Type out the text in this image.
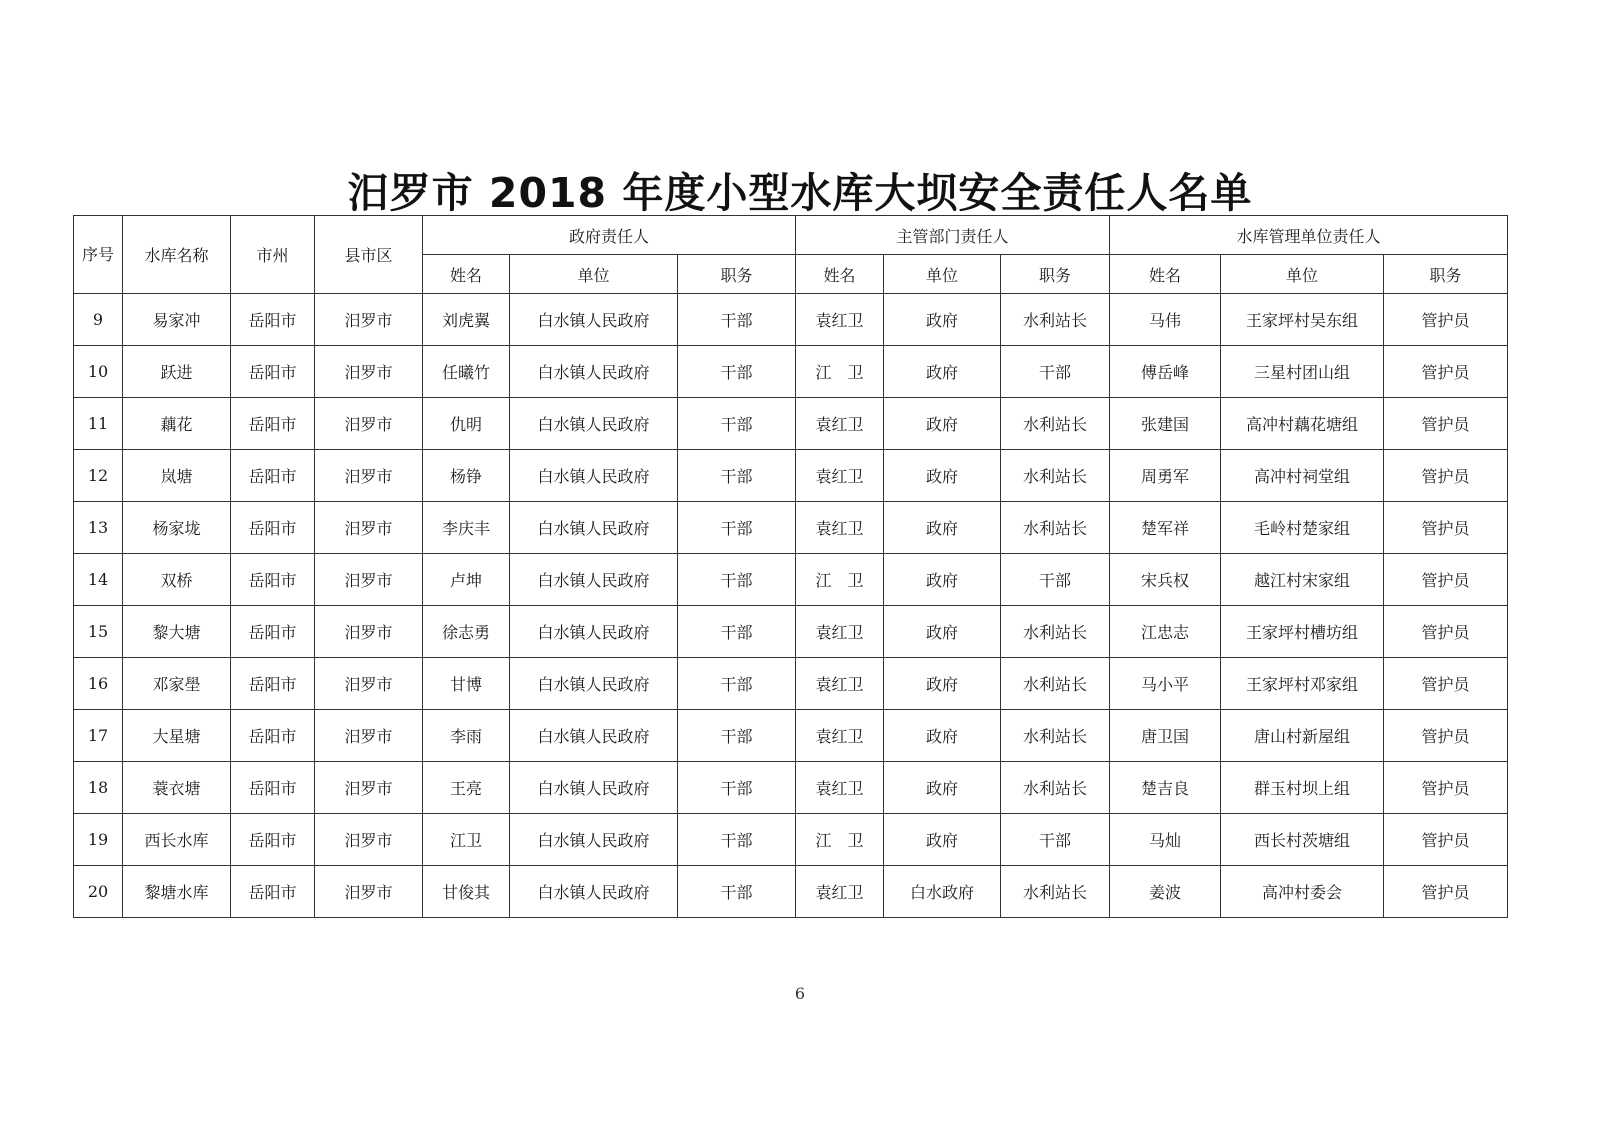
汨罗市 2018 年度小型水库大坝安全责任人名单
序号	水库名称	市州	县市区	政府责任人			主管部门责任人			水库管理单位责任人		
				姓名	单位	职务	姓名	单位	职务	姓名	单位	职务
9	易家冲	岳阳市	汨罗市	刘虎翼	白水镇人民政府	干部	袁红卫	政府	水利站长	马伟	王家坪村吴东组	管护员
10	跃进	岳阳市	汨罗市	任曦竹	白水镇人民政府	干部	江　卫	政府	干部	傅岳峰	三星村团山组	管护员
11	藕花	岳阳市	汨罗市	仇明	白水镇人民政府	干部	袁红卫	政府	水利站长	张建国	高冲村藕花塘组	管护员
12	岚塘	岳阳市	汨罗市	杨铮	白水镇人民政府	干部	袁红卫	政府	水利站长	周勇军	高冲村祠堂组	管护员
13	杨家垅	岳阳市	汨罗市	李庆丰	白水镇人民政府	干部	袁红卫	政府	水利站长	楚军祥	毛岭村楚家组	管护员
14	双桥	岳阳市	汨罗市	卢坤	白水镇人民政府	干部	江　卫	政府	干部	宋兵权	越江村宋家组	管护员
15	黎大塘	岳阳市	汨罗市	徐志勇	白水镇人民政府	干部	袁红卫	政府	水利站长	江忠志	王家坪村槽坊组	管护员
16	邓家壆	岳阳市	汨罗市	甘博	白水镇人民政府	干部	袁红卫	政府	水利站长	马小平	王家坪村邓家组	管护员
17	大星塘	岳阳市	汨罗市	李雨	白水镇人民政府	干部	袁红卫	政府	水利站长	唐卫国	唐山村新屋组	管护员
18	蓑衣塘	岳阳市	汨罗市	王亮	白水镇人民政府	干部	袁红卫	政府	水利站长	楚吉良	群玉村坝上组	管护员
19	西长水库	岳阳市	汨罗市	江卫	白水镇人民政府	干部	江　卫	政府	干部	马灿	西长村茨塘组	管护员
20	黎塘水库	岳阳市	汨罗市	甘俊其	白水镇人民政府	干部	袁红卫	白水政府	水利站长	姜波	高冲村委会	管护员
6
